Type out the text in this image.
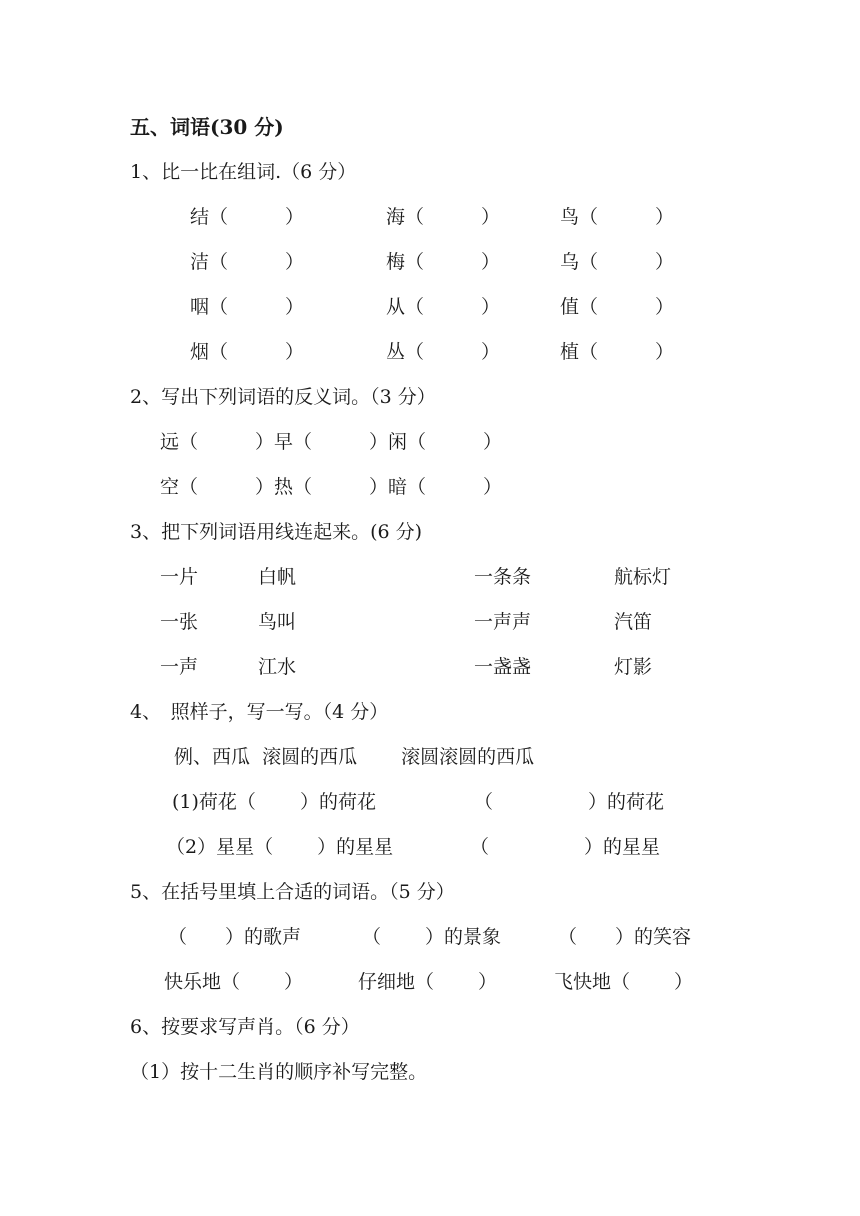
五、词语(30 分)
1、比一比在组词.（6 分）
结（　　　）	海（　　　）	鸟（　　　）
洁（　　　）	梅（　　　）	乌（　　　）
咽（　　　）	从（　　　）	值（　　　）
烟（　　　）	丛（　　　）	植（　　　）
2、写出下列词语的反义词。（3 分）
远（　　　）早（　　　）闲（　　　）
空（　　　）热（　　　）暗（　　　）
3、把下列词语用线连起来。(6 分)
一片	白帆	一条条	航标灯
一张	鸟叫	一声声	汽笛
一声	江水	一盏盏	灯影
4、　照样子，写一写。（4 分）
例、西瓜  滚圆的西瓜　　 滚圆滚圆的西瓜
(1)荷花（　　 ）的荷花	（　　　　　）的荷花
（2）星星（　　 ）的星星	（　　　　　）的星星
5、在括号里填上合适的词语。（5 分）
（　　）的歌声	（　　 ）的景象	（　　）的笑容
快乐地（　　 ）	仔细地（　　 ）	飞快地（　　 ）
6、按要求写声肖。（6 分）
（1）按十二生肖的顺序补写完整。
